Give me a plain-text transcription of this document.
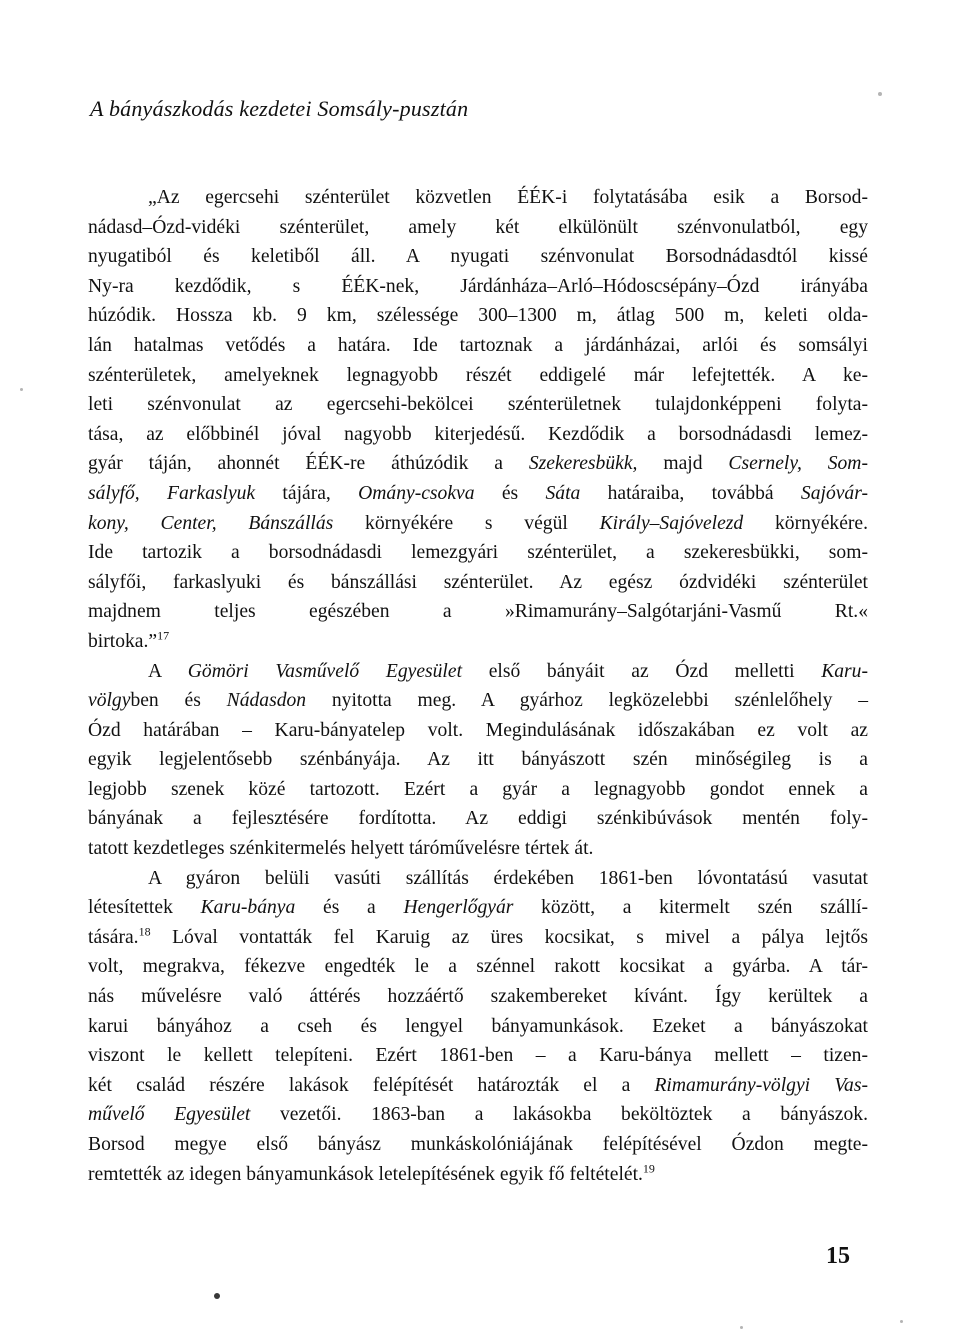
A bányászkodás kezdetei Somsály-pusztán
„Az egercsehi szénterület közvetlen ÉÉK-i folytatásába esik a Borsod-
nádasd–Ózd-vidéki szénterület, amely két elkülönült szénvonulatból, egy
nyugatiból és keletiből áll. A nyugati szénvonulat Borsodnádasdtól kissé
Ny-ra kezdődik, s ÉÉK-nek, Járdánháza–Arló–Hódoscsépány–Ózd irányába
húzódik. Hossza kb. 9 km, szélessége 300–1300 m, átlag 500 m, keleti olda-
lán hatalmas vetődés a határa. Ide tartoznak a járdánházai, arlói és somsályi
szénterületek, amelyeknek legnagyobb részét eddigelé már lefejtették. A ke-
leti szénvonulat az egercsehi-bekölcei szénterületnek tulajdonképpeni folyta-
tása, az előbbinél jóval nagyobb kiterjedésű. Kezdődik a borsodnádasdi lemez-
gyár táján, ahonnét ÉÉK-re áthúzódik a Szekeresbükk, majd Csernely, Som-
sályfő, Farkaslyuk tájára, Omány-csokva és Sáta határaiba, továbbá Sajóvár-
kony, Center, Bánszállás környékére s végül Király–Sajóvelezd környékére.
Ide tartozik a borsodnádasdi lemezgyári szénterület, a szekeresbükki, som-
sályfői, farkaslyuki és bánszállási szénterület. Az egész ózdvidéki szénterület
majdnem teljes egészében a »Rimamurány–Salgótarjáni-Vasmű Rt.«
birtoka.”$^{17}$
A Gömöri Vasművelő Egyesület első bányáit az Ózd melletti Karu-
völgyben és Nádasdon nyitotta meg. A gyárhoz legközelebbi szénlelőhely –
Ózd határában – Karu-bányatelep volt. Megindulásának időszakában ez volt az
egyik legjelentősebb szénbányája. Az itt bányászott szén minőségileg is a
legjobb szenek közé tartozott. Ezért a gyár a legnagyobb gondot ennek a
bányának a fejlesztésére fordította. Az eddigi szénkibúvások mentén foly-
tatott kezdetleges szénkitermelés helyett táróművelésre tértek át.
A gyáron belüli vasúti szállítás érdekében 1861-ben lóvontatású vasutat
létesítettek Karu-bánya és a Hengerlőgyár között, a kitermelt szén szállí-
tására.$^{18}$ Lóval vontatták fel Karuig az üres kocsikat, s mivel a pálya lejtős
volt, megrakva, fékezve engedték le a szénnel rakott kocsikat a gyárba. A tár-
nás művelésre való áttérés hozzáértő szakembereket kívánt. Így kerültek a
karui bányához a cseh és lengyel bányamunkások. Ezeket a bányászokat
viszont le kellett telepíteni. Ezért 1861-ben – a Karu-bánya mellett – tizen-
két család részére lakások felépítését határozták el a Rimamurány-völgyi Vas-
művelő Egyesület vezetői. 1863-ban a lakásokba beköltöztek a bányászok.
Borsod megye első bányász munkáskolóniájának felépítésével Ózdon megte-
remtették az idegen bányamunkások letelepítésének egyik fő feltételét.$^{19}$
15
